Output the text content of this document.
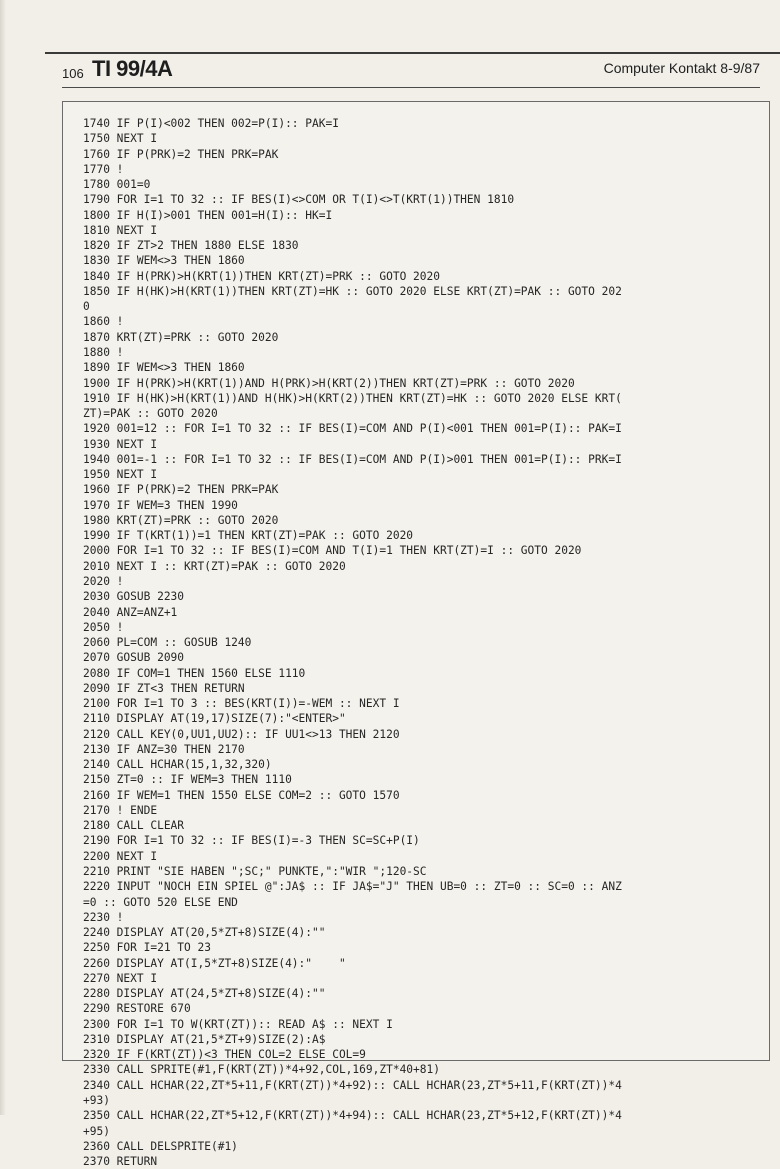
106 TI 99/4A	Computer Kontakt 8-9/87
1740 IF P(I)<002 THEN 002=P(I):: PAK=I
1750 NEXT I
1760 IF P(PRK)=2 THEN PRK=PAK
1770 !
1780 001=0
1790 FOR I=1 TO 32 :: IF BES(I)<>COM OR T(I)<>T(KRT(1))THEN 1810
1800 IF H(I)>001 THEN 001=H(I):: HK=I
1810 NEXT I
1820 IF ZT>2 THEN 1880 ELSE 1830
1830 IF WEM<>3 THEN 1860
1840 IF H(PRK)>H(KRT(1))THEN KRT(ZT)=PRK :: GOTO 2020
1850 IF H(HK)>H(KRT(1))THEN KRT(ZT)=HK :: GOTO 2020 ELSE KRT(ZT)=PAK :: GOTO 202
0
1860 !
1870 KRT(ZT)=PRK :: GOTO 2020
1880 !
1890 IF WEM<>3 THEN 1860
1900 IF H(PRK)>H(KRT(1))AND H(PRK)>H(KRT(2))THEN KRT(ZT)=PRK :: GOTO 2020
1910 IF H(HK)>H(KRT(1))AND H(HK)>H(KRT(2))THEN KRT(ZT)=HK :: GOTO 2020 ELSE KRT(
ZT)=PAK :: GOTO 2020
1920 001=12 :: FOR I=1 TO 32 :: IF BES(I)=COM AND P(I)<001 THEN 001=P(I):: PAK=I
1930 NEXT I
1940 001=-1 :: FOR I=1 TO 32 :: IF BES(I)=COM AND P(I)>001 THEN 001=P(I):: PRK=I
1950 NEXT I
1960 IF P(PRK)=2 THEN PRK=PAK
1970 IF WEM=3 THEN 1990
1980 KRT(ZT)=PRK :: GOTO 2020
1990 IF T(KRT(1))=1 THEN KRT(ZT)=PAK :: GOTO 2020
2000 FOR I=1 TO 32 :: IF BES(I)=COM AND T(I)=1 THEN KRT(ZT)=I :: GOTO 2020
2010 NEXT I :: KRT(ZT)=PAK :: GOTO 2020
2020 !
2030 GOSUB 2230
2040 ANZ=ANZ+1
2050 !
2060 PL=COM :: GOSUB 1240
2070 GOSUB 2090
2080 IF COM=1 THEN 1560 ELSE 1110
2090 IF ZT<3 THEN RETURN
2100 FOR I=1 TO 3 :: BES(KRT(I))=-WEM :: NEXT I
2110 DISPLAY AT(19,17)SIZE(7):"<ENTER>"
2120 CALL KEY(0,UU1,UU2):: IF UU1<>13 THEN 2120
2130 IF ANZ=30 THEN 2170
2140 CALL HCHAR(15,1,32,320)
2150 ZT=0 :: IF WEM=3 THEN 1110
2160 IF WEM=1 THEN 1550 ELSE COM=2 :: GOTO 1570
2170 ! ENDE
2180 CALL CLEAR
2190 FOR I=1 TO 32 :: IF BES(I)=-3 THEN SC=SC+P(I)
2200 NEXT I
2210 PRINT "SIE HABEN ";SC;" PUNKTE,":"WIR ";120-SC
2220 INPUT "NOCH EIN SPIEL @":JA$ :: IF JA$="J" THEN UB=0 :: ZT=0 :: SC=0 :: ANZ
=0 :: GOTO 520 ELSE END
2230 !
2240 DISPLAY AT(20,5*ZT+8)SIZE(4):""
2250 FOR I=21 TO 23
2260 DISPLAY AT(I,5*ZT+8)SIZE(4):"    "
2270 NEXT I
2280 DISPLAY AT(24,5*ZT+8)SIZE(4):""
2290 RESTORE 670
2300 FOR I=1 TO W(KRT(ZT)):: READ A$ :: NEXT I
2310 DISPLAY AT(21,5*ZT+9)SIZE(2):A$
2320 IF F(KRT(ZT))<3 THEN COL=2 ELSE COL=9
2330 CALL SPRITE(#1,F(KRT(ZT))*4+92,COL,169,ZT*40+81)
2340 CALL HCHAR(22,ZT*5+11,F(KRT(ZT))*4+92):: CALL HCHAR(23,ZT*5+11,F(KRT(ZT))*4
+93)
2350 CALL HCHAR(22,ZT*5+12,F(KRT(ZT))*4+94):: CALL HCHAR(23,ZT*5+12,F(KRT(ZT))*4
+95)
2360 CALL DELSPRITE(#1)
2370 RETURN
